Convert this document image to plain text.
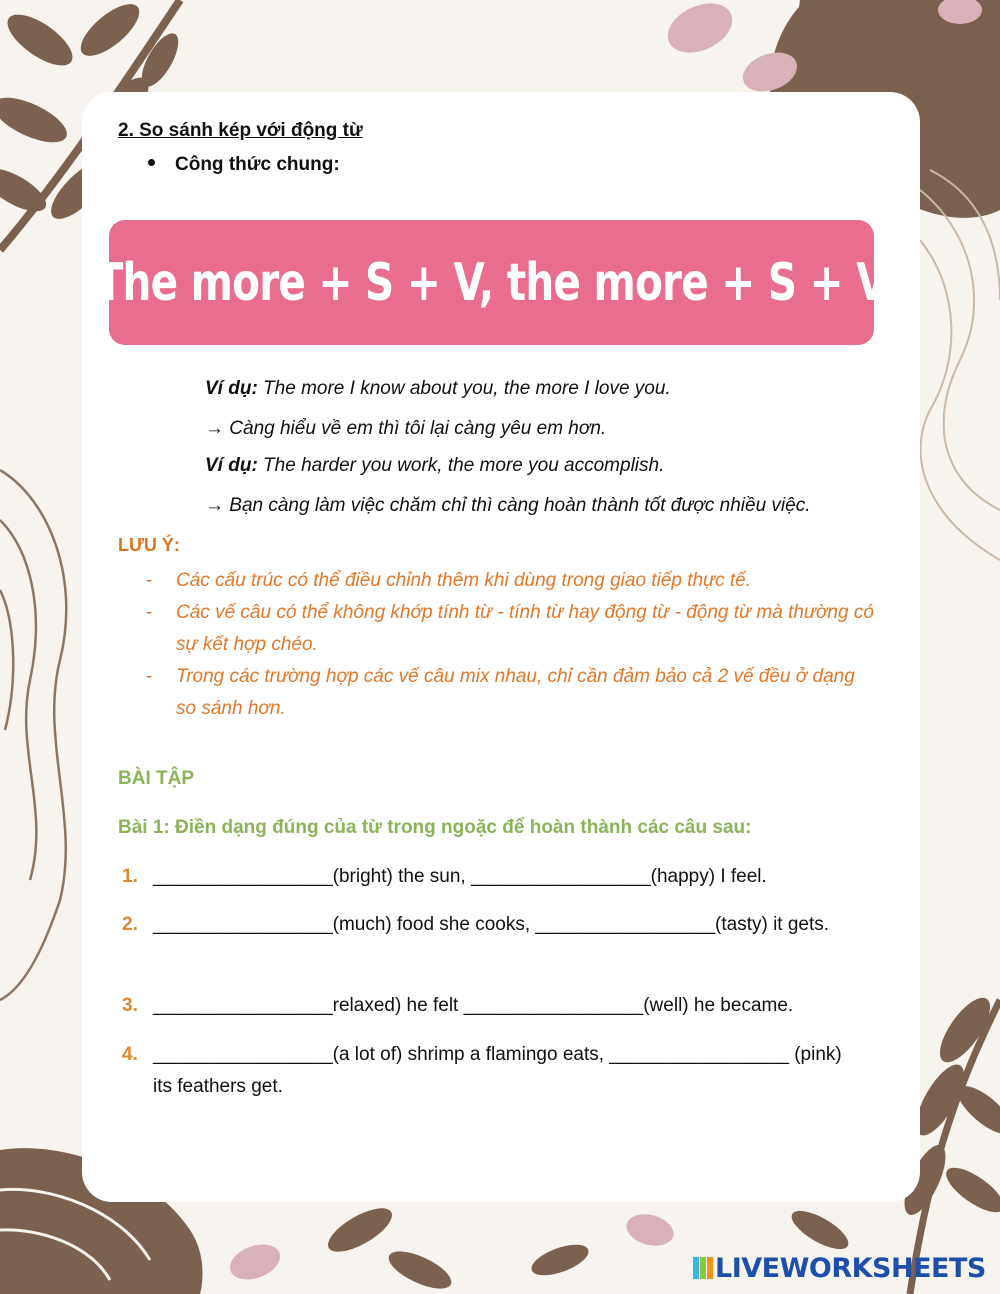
2. So sánh kép với động từ
Công thức chung:
The more + S + V, the more + S + V
Ví dụ: The more I know about you, the more I love you.
→ Càng hiểu về em thì tôi lại càng yêu em hơn.
Ví dụ: The harder you work, the more you accomplish.
→ Bạn càng làm việc chăm chỉ thì càng hoàn thành tốt được nhiều việc.
LƯU Ý:
- Các cấu trúc có thể điều chỉnh thêm khi dùng trong giao tiếp thực tế.
- Các vế câu có thể không khớp tính từ - tính từ hay động từ - động từ mà thường có sự kết hợp chéo.
- Trong các trường hợp các vế câu mix nhau, chỉ cần đảm bảo cả 2 vế đều ở dạng so sánh hơn.
BÀI TẬP
Bài 1: Điền dạng đúng của từ trong ngoặc để hoàn thành các câu sau:
1. _________________(bright) the sun, _________________(happy) I feel.
2. _________________(much) food she cooks, _________________(tasty) it gets.
3. _________________relaxed) he felt _________________(well) he became.
4. _________________(a lot of) shrimp a flamingo eats, _________________ (pink) its feathers get.
LIVEWORKSHEETS
